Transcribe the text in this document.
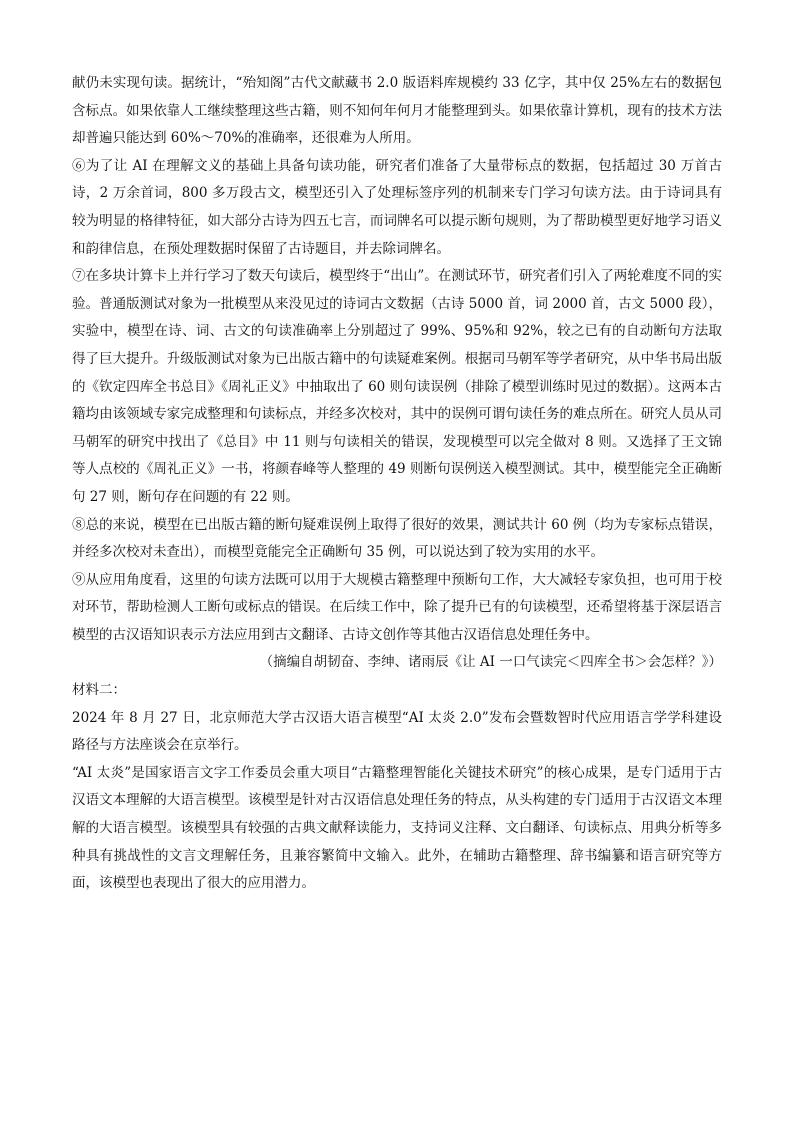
献仍未实现句读。据统计，“殆知阁”古代文献藏书 2.0 版语料库规模约 33 亿字，其中仅 25%左右的数据包含标点。如果依靠人工继续整理这些古籍，则不知何年何月才能整理到头。如果依靠计算机，现有的技术方法却普遍只能达到 60%～70%的准确率，还很难为人所用。

⑥为了让 AI 在理解文义的基础上具备句读功能，研究者们准备了大量带标点的数据，包括超过 30 万首古诗，2 万余首词，800 多万段古文，模型还引入了处理标签序列的机制来专门学习句读方法。由于诗词具有较为明显的格律特征，如大部分古诗为四五七言，而词牌名可以提示断句规则，为了帮助模型更好地学习语义和韵律信息，在预处理数据时保留了古诗题目，并去除词牌名。

⑦在多块计算卡上并行学习了数天句读后，模型终于“出山”。在测试环节，研究者们引入了两轮难度不同的实验。普通版测试对象为一批模型从来没见过的诗词古文数据（古诗 5000 首，词 2000 首，古文 5000 段），实验中，模型在诗、词、古文的句读准确率上分别超过了 99%、95%和 92%，较之已有的自动断句方法取得了巨大提升。升级版测试对象为已出版古籍中的句读疑难案例。根据司马朝军等学者研究，从中华书局出版的《钦定四库全书总目》《周礼正义》中抽取出了 60 则句读误例（排除了模型训练时见过的数据）。这两本古籍均由该领域专家完成整理和句读标点，并经多次校对，其中的误例可谓句读任务的难点所在。研究人员从司马朝军的研究中找出了《总目》中 11 则与句读相关的错误，发现模型可以完全做对 8 则。又选择了王文锦等人点校的《周礼正义》一书，将颜春峰等人整理的 49 则断句误例送入模型测试。其中，模型能完全正确断句 27 则，断句存在问题的有 22 则。

⑧总的来说，模型在已出版古籍的断句疑难误例上取得了很好的效果，测试共计 60 例（均为专家标点错误，并经多次校对未查出），而模型竟能完全正确断句 35 例，可以说达到了较为实用的水平。

⑨从应用角度看，这里的句读方法既可以用于大规模古籍整理中预断句工作，大大减轻专家负担，也可用于校对环节，帮助检测人工断句或标点的错误。在后续工作中，除了提升已有的句读模型，还希望将基于深层语言模型的古汉语知识表示方法应用到古文翻译、古诗文创作等其他古汉语信息处理任务中。

（摘编自胡韧奋、李绅、诸雨辰《让 AI 一口气读完＜四库全书＞会怎样？》）

材料二：

2024 年 8 月 27 日，北京师范大学古汉语大语言模型“AI 太炎 2.0”发布会暨数智时代应用语言学学科建设路径与方法座谈会在京举行。

“AI 太炎”是国家语言文字工作委员会重大项目“古籍整理智能化关键技术研究”的核心成果，是专门适用于古汉语文本理解的大语言模型。该模型是针对古汉语信息处理任务的特点，从头构建的专门适用于古汉语文本理解的大语言模型。该模型具有较强的古典文献释读能力，支持词义注释、文白翻译、句读标点、用典分析等多种具有挑战性的文言文理解任务，且兼容繁简中文输入。此外，在辅助古籍整理、辞书编纂和语言研究等方面，该模型也表现出了很大的应用潜力。
